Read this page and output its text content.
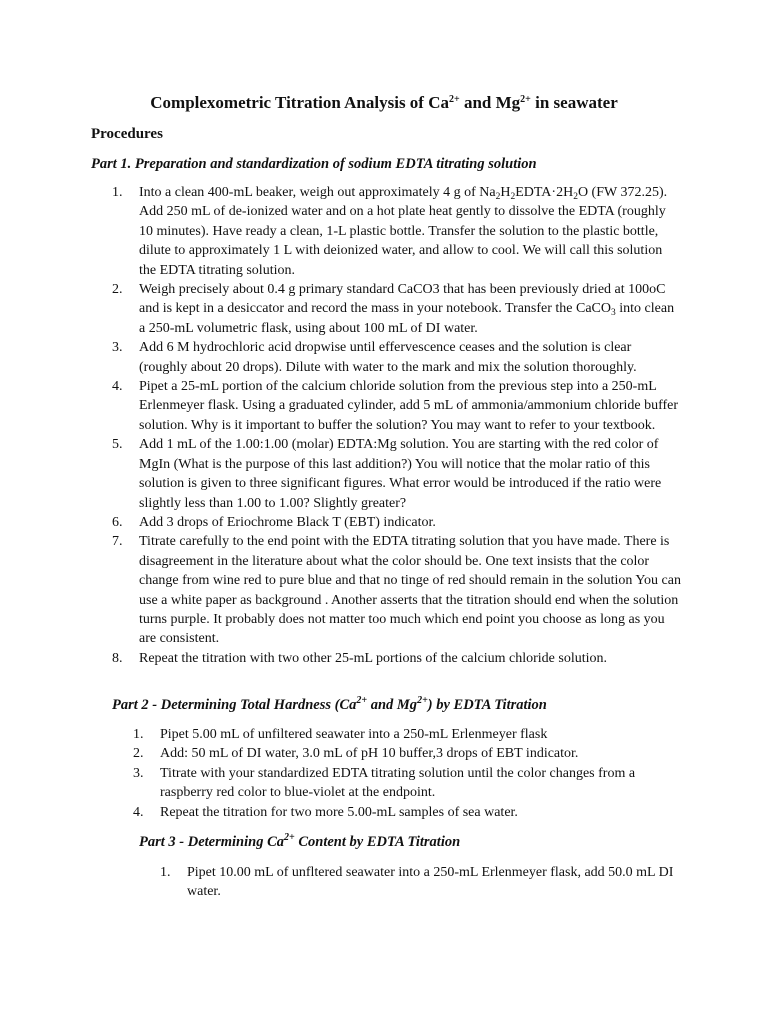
Complexometric Titration Analysis of $Ca^{2+}$ and $Mg^{2+}$ in seawater
Procedures
Part 1. Preparation and standardization of sodium EDTA titrating solution
1. Into a clean 400-mL beaker, weigh out approximately 4 g of $Na_2H_2EDTA\cdot 2H_2O$ (FW 372.25). Add 250 mL of de-ionized water and on a hot plate heat gently to dissolve the EDTA (roughly 10 minutes). Have ready a clean, 1-L plastic bottle. Transfer the solution to the plastic bottle, dilute to approximately 1 L with deionized water, and allow to cool. We will call this solution the EDTA titrating solution.
2. Weigh precisely about 0.4 g primary standard CaCO3 that has been previously dried at 100oC and is kept in a desiccator and record the mass in your notebook. Transfer the CaCO$_3$ into clean a 250-mL volumetric flask, using about 100 mL of DI water.
3. Add 6 M hydrochloric acid dropwise until effervescence ceases and the solution is clear (roughly about 20 drops). Dilute with water to the mark and mix the solution thoroughly.
4. Pipet a 25-mL portion of the calcium chloride solution from the previous step into a 250-mL Erlenmeyer flask. Using a graduated cylinder, add 5 mL of ammonia/ammonium chloride buffer solution. Why is it important to buffer the solution? You may want to refer to your textbook.
5. Add 1 mL of the 1.00:1.00 (molar) EDTA:Mg solution. You are starting with the red color of MgIn (What is the purpose of this last addition?) You will notice that the molar ratio of this solution is given to three significant figures. What error would be introduced if the ratio were slightly less than 1.00 to 1.00? Slightly greater?
6. Add 3 drops of Eriochrome Black T (EBT) indicator.
7. Titrate carefully to the end point with the EDTA titrating solution that you have made. There is disagreement in the literature about what the color should be. One text insists that the color change from wine red to pure blue and that no tinge of red should remain in the solution You can use a white paper as background . Another asserts that the titration should end when the solution turns purple. It probably does not matter too much which end point you choose as long as you are consistent.
8. Repeat the titration with two other 25-mL portions of the calcium chloride solution.
Part 2 - Determining Total Hardness ($Ca^{2+}$ and $Mg^{2+}$) by EDTA Titration
1. Pipet 5.00 mL of unfiltered seawater into a 250-mL Erlenmeyer flask
2. Add: 50 mL of DI water, 3.0 mL of pH 10 buffer,3 drops of EBT indicator.
3. Titrate with your standardized EDTA titrating solution until the color changes from a raspberry red color to blue-violet at the endpoint.
4. Repeat the titration for two more 5.00-mL samples of sea water.
Part 3 - Determining $Ca^{2+}$ Content by EDTA Titration
1. Pipet 10.00 mL of unfltered seawater into a 250-mL Erlenmeyer flask, add 50.0 mL DI water.
